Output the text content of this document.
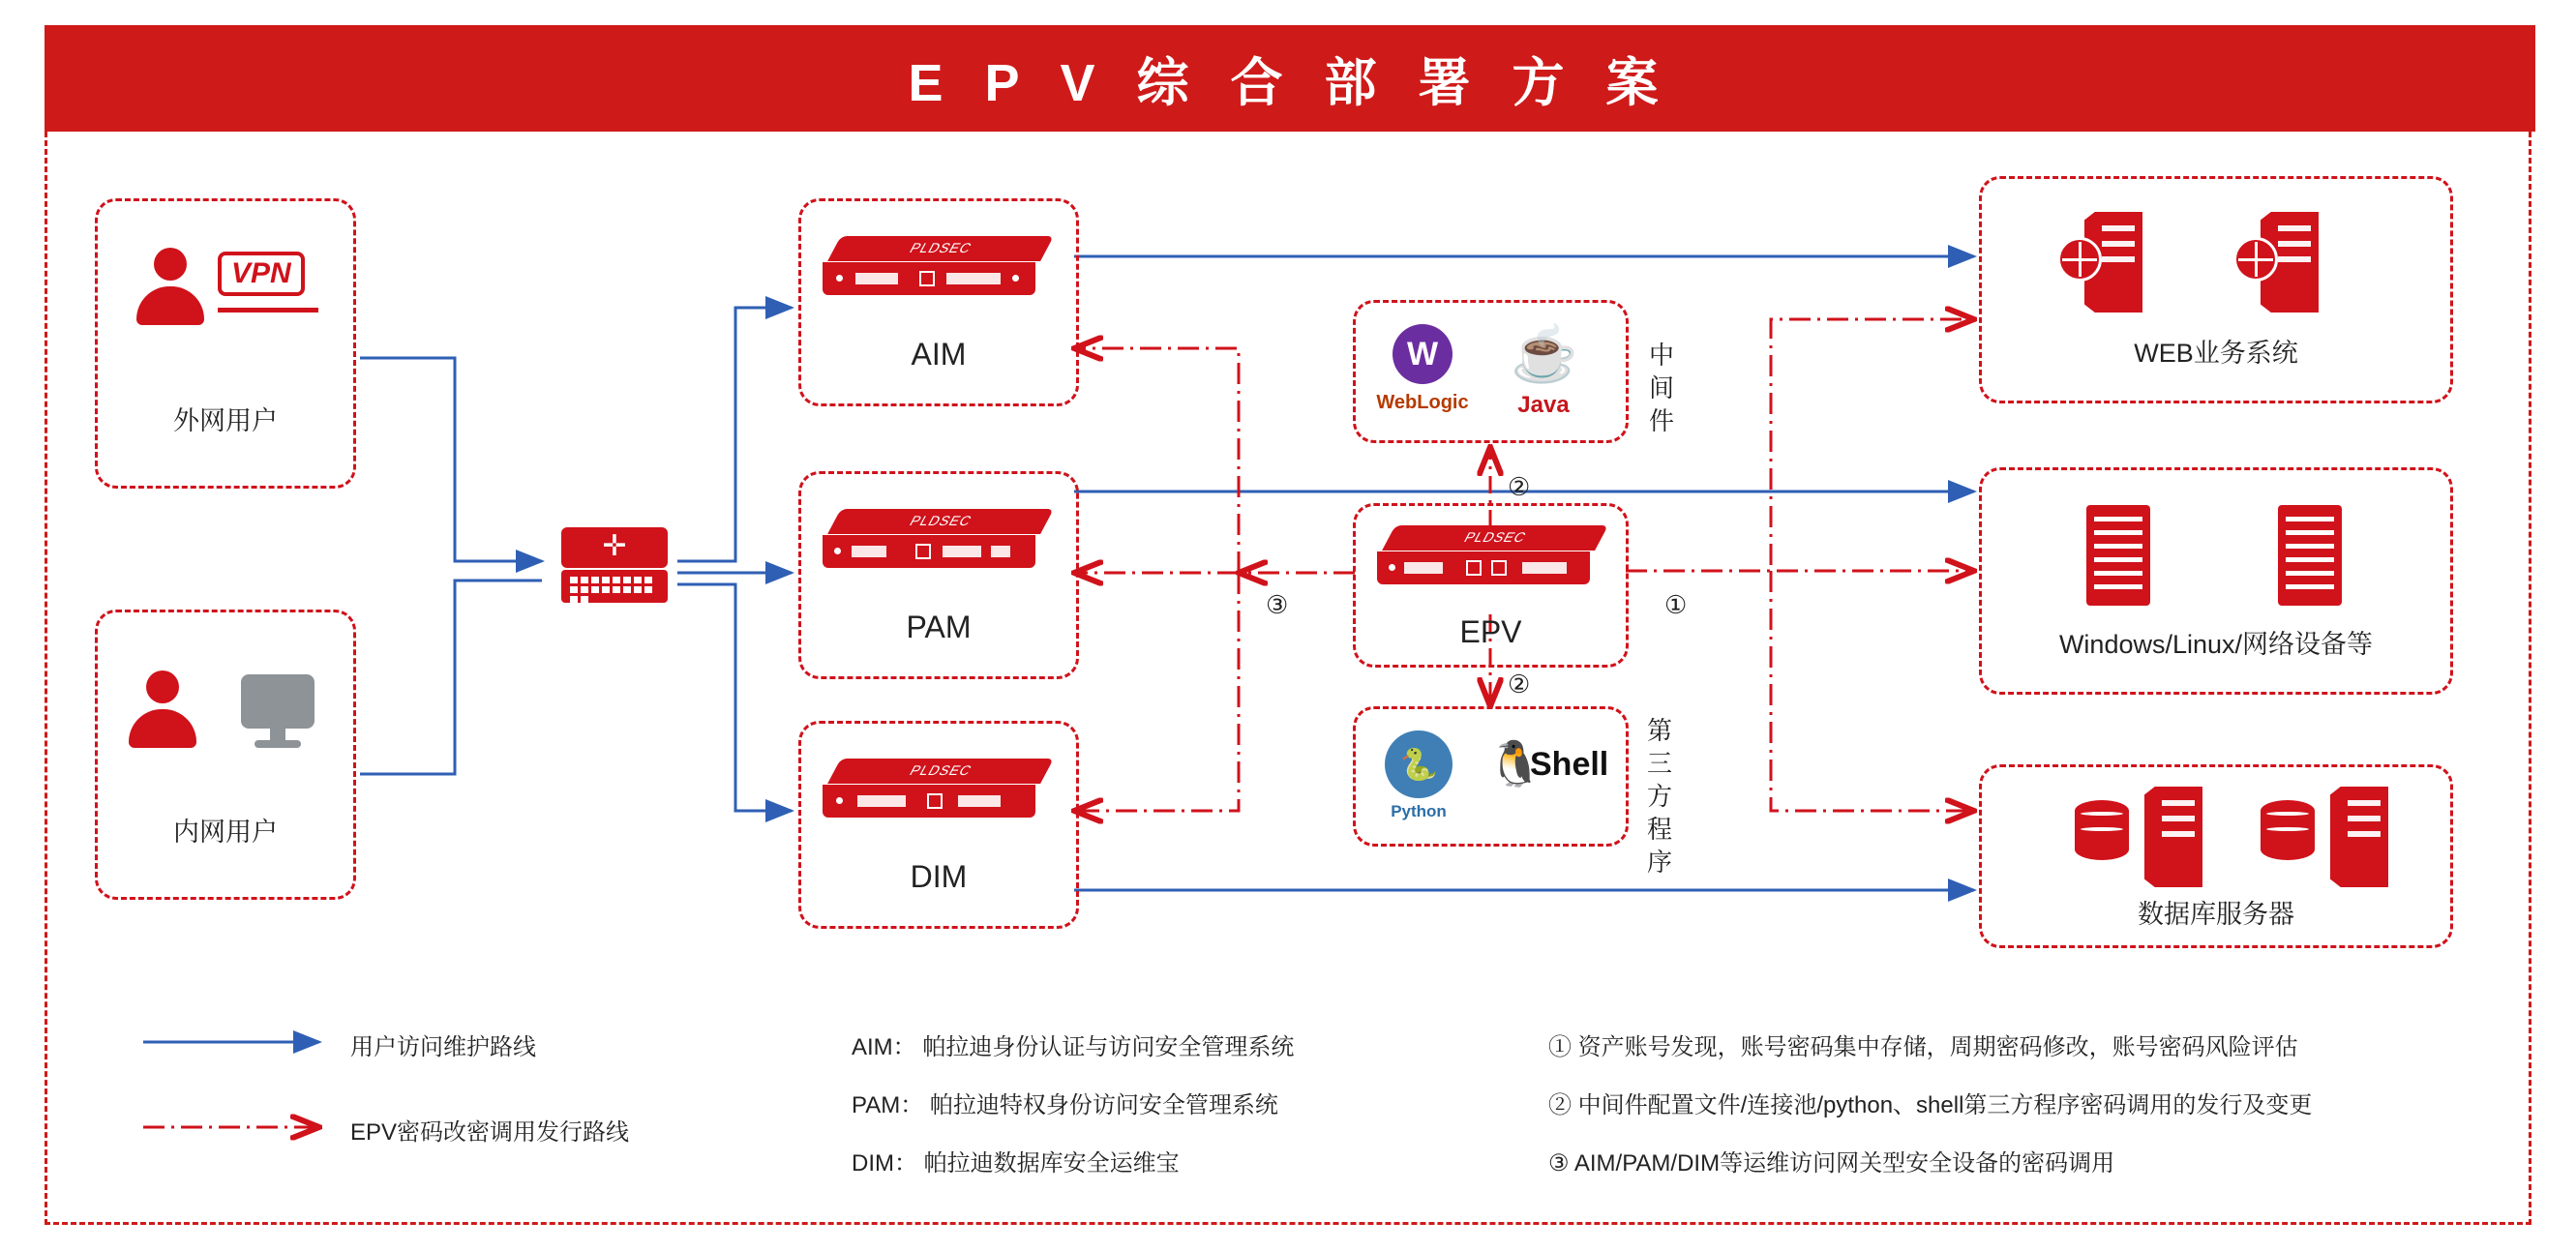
E P V 综 合 部 署 方 案
VPN
外网用户
内网用户
✛
PLDSEC
AIM
PLDSEC
PAM
PLDSEC
DIM
PLDSEC
EPV
W
WebLogic
☕
Java
中间件
🐍
Python
🐧
Shell
第三方程序
WEB业务系统
Windows/Linux/网络设备等
数据库服务器
②
②
③	①
用户访问维护路线
EPV密码改密调用发行路线
AIM： 帕拉迪身份认证与访问安全管理系统
PAM： 帕拉迪特权身份访问安全管理系统
DIM： 帕拉迪数据库安全运维宝
① 资产账号发现，账号密码集中存储，周期密码修改，账号密码风险评估
② 中间件配置文件/连接池/python、shell第三方程序密码调用的发行及变更
③ AIM/PAM/DIM等运维访问网关型安全设备的密码调用
